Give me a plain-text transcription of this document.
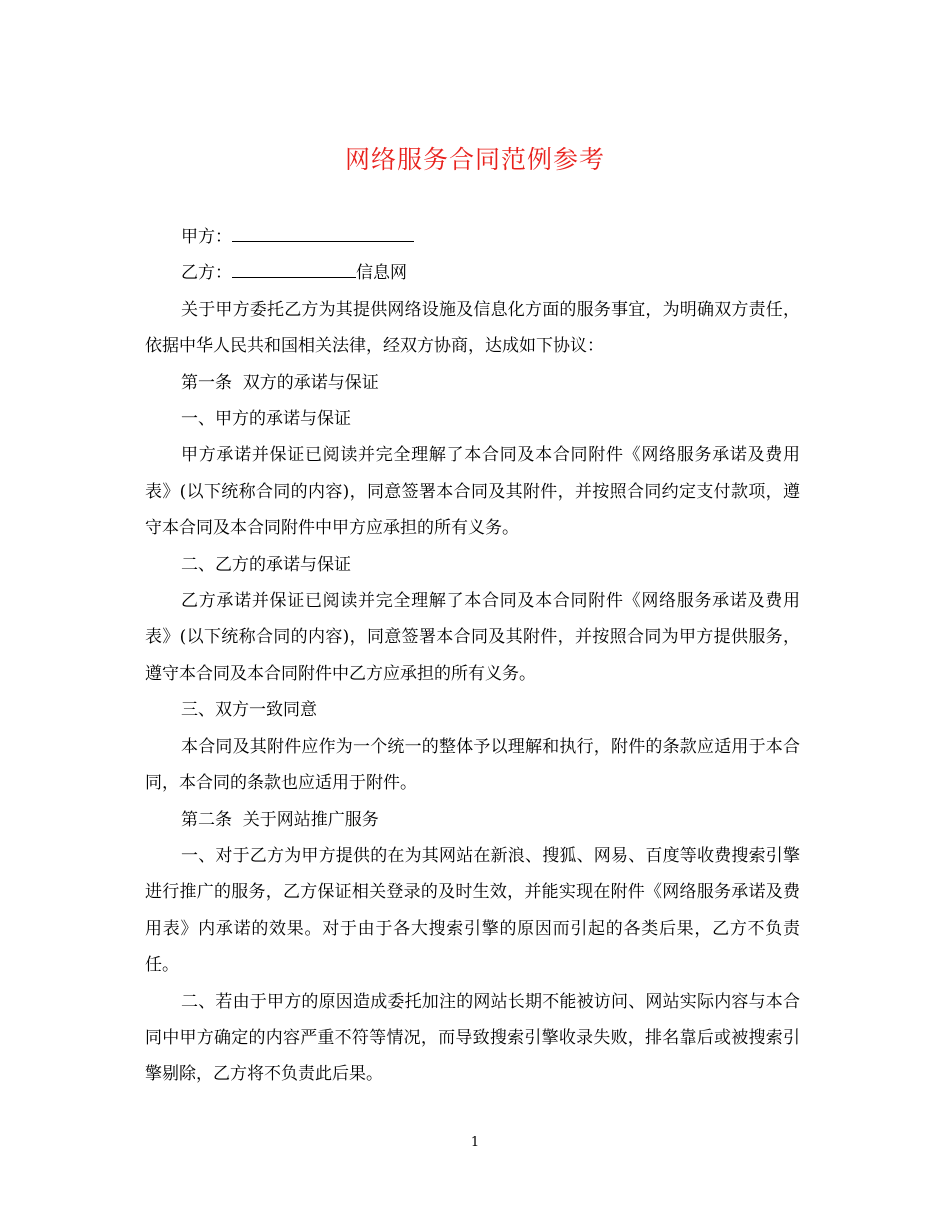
网络服务合同范例参考
甲方：
乙方：	信息网
关于甲方委托乙方为其提供网络设施及信息化方面的服务事宜，为明确双方责任，依据中华人民共和国相关法律，经双方协商，达成如下协议：
第一条  双方的承诺与保证
一、甲方的承诺与保证
甲方承诺并保证已阅读并完全理解了本合同及本合同附件《网络服务承诺及费用表》(以下统称合同的内容)，同意签署本合同及其附件，并按照合同约定支付款项，遵守本合同及本合同附件中甲方应承担的所有义务。
二、乙方的承诺与保证
乙方承诺并保证已阅读并完全理解了本合同及本合同附件《网络服务承诺及费用表》(以下统称合同的内容)，同意签署本合同及其附件，并按照合同为甲方提供服务，遵守本合同及本合同附件中乙方应承担的所有义务。
三、双方一致同意
本合同及其附件应作为一个统一的整体予以理解和执行，附件的条款应适用于本合同，本合同的条款也应适用于附件。
第二条  关于网站推广服务
一、对于乙方为甲方提供的在为其网站在新浪、搜狐、网易、百度等收费搜索引擎进行推广的服务，乙方保证相关登录的及时生效，并能实现在附件《网络服务承诺及费用表》内承诺的效果。对于由于各大搜索引擎的原因而引起的各类后果，乙方不负责任。
二、若由于甲方的原因造成委托加注的网站长期不能被访问、网站实际内容与本合同中甲方确定的内容严重不符等情况，而导致搜索引擎收录失败，排名靠后或被搜索引擎剔除，乙方将不负责此后果。
1
